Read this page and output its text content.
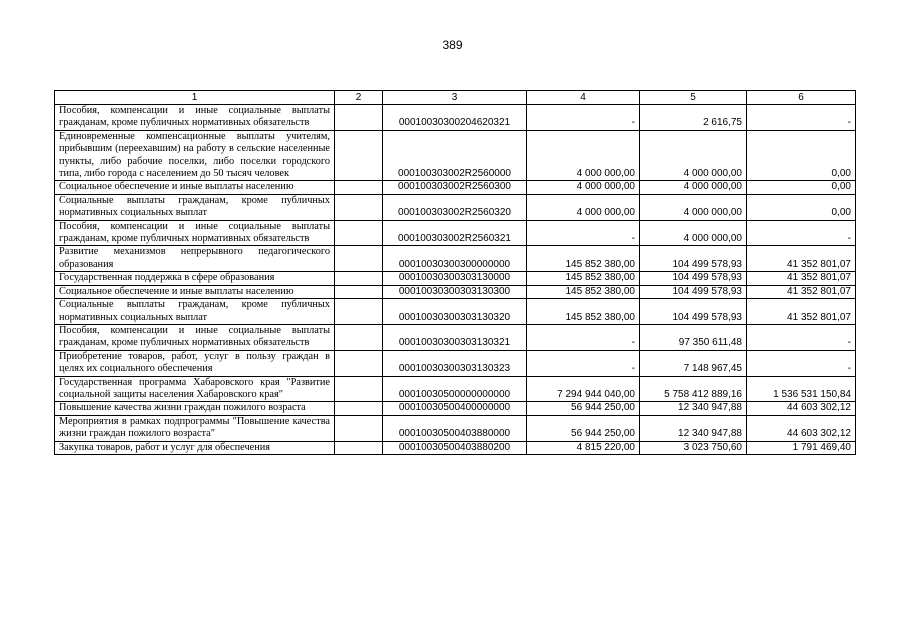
389
1	2	3	4	5	6
Пособия, компенсации и иные социальные выплаты гражданам, кроме публичных нормативных обязательств		00010030300204620321	-	2 616,75	-
Единовременные компенсационные выплаты учителям, прибывшим (переехавшим) на работу в сельские населенные пункты, либо рабочие поселки, либо поселки городского типа, либо города с населением до 50 тысяч человек		000100303002R2560000	4 000 000,00	4 000 000,00	0,00
Социальное обеспечение и иные выплаты населению		000100303002R2560300	4 000 000,00	4 000 000,00	0,00
Социальные выплаты гражданам, кроме публичных нормативных социальных выплат		000100303002R2560320	4 000 000,00	4 000 000,00	0,00
Пособия, компенсации и иные социальные выплаты гражданам, кроме публичных нормативных обязательств		000100303002R2560321	-	4 000 000,00	-
Развитие механизмов непрерывного педагогического образования		00010030300300000000	145 852 380,00	104 499 578,93	41 352 801,07
Государственная поддержка в сфере образования		00010030300303130000	145 852 380,00	104 499 578,93	41 352 801,07
Социальное обеспечение и иные выплаты населению		00010030300303130300	145 852 380,00	104 499 578,93	41 352 801,07
Социальные выплаты гражданам, кроме публичных нормативных социальных выплат		00010030300303130320	145 852 380,00	104 499 578,93	41 352 801,07
Пособия, компенсации и иные социальные выплаты гражданам, кроме публичных нормативных обязательств		00010030300303130321	-	97 350 611,48	-
Приобретение товаров, работ, услуг в пользу граждан в целях их социального обеспечения		00010030300303130323	-	7 148 967,45	-
Государственная программа Хабаровского края "Развитие социальной защиты населения Хабаровского края"		00010030500000000000	7 294 944 040,00	5 758 412 889,16	1 536 531 150,84
Повышение качества жизни граждан пожилого возраста		00010030500400000000	56 944 250,00	12 340 947,88	44 603 302,12
Мероприятия в рамках подпрограммы "Повышение качества жизни граждан пожилого возраста"		00010030500403880000	56 944 250,00	12 340 947,88	44 603 302,12
Закупка товаров, работ и услуг для обеспечения		00010030500403880200	4 815 220,00	3 023 750,60	1 791 469,40
